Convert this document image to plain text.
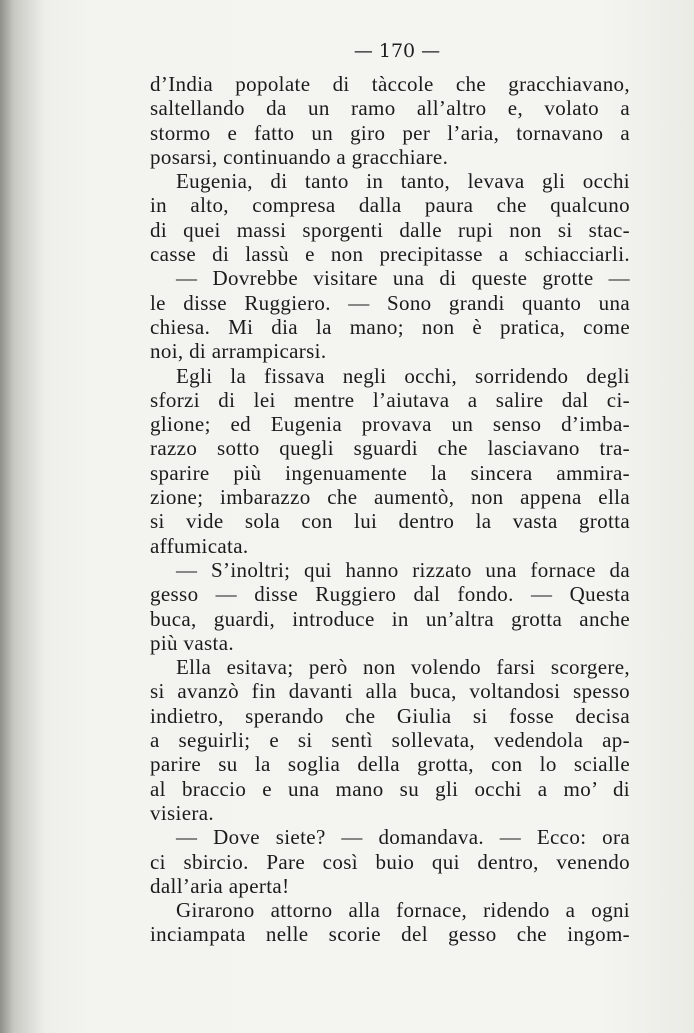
— 170 —
d’India popolate di tàccole che gracchiavano,
saltellando da un ramo all’altro e, volato a
stormo e fatto un giro per l’aria, tornavano a
posarsi, continuando a gracchiare.
Eugenia, di tanto in tanto, levava gli occhi
in alto, compresa dalla paura che qualcuno
di quei massi sporgenti dalle rupi non si stac-
casse di lassù e non precipitasse a schiacciarli.
— Dovrebbe visitare una di queste grotte —
le disse Ruggiero. — Sono grandi quanto una
chiesa. Mi dia la mano; non è pratica, come
noi, di arrampicarsi.
Egli la fissava negli occhi, sorridendo degli
sforzi di lei mentre l’aiutava a salire dal ci-
glione; ed Eugenia provava un senso d’imba-
razzo sotto quegli sguardi che lasciavano tra-
sparire più ingenuamente la sincera ammira-
zione; imbarazzo che aumentò, non appena ella
si vide sola con lui dentro la vasta grotta
affumicata.
— S’inoltri; qui hanno rizzato una fornace da
gesso — disse Ruggiero dal fondo. — Questa
buca, guardi, introduce in un’altra grotta anche
più vasta.
Ella esitava; però non volendo farsi scorgere,
si avanzò fin davanti alla buca, voltandosi spesso
indietro, sperando che Giulia si fosse decisa
a seguirli; e si sentì sollevata, vedendola ap-
parire su la soglia della grotta, con lo scialle
al braccio e una mano su gli occhi a mo’ di
visiera.
— Dove siete? — domandava. — Ecco: ora
ci sbircio. Pare così buio qui dentro, venendo
dall’aria aperta!
Girarono attorno alla fornace, ridendo a ogni
inciampata nelle scorie del gesso che ingom-
